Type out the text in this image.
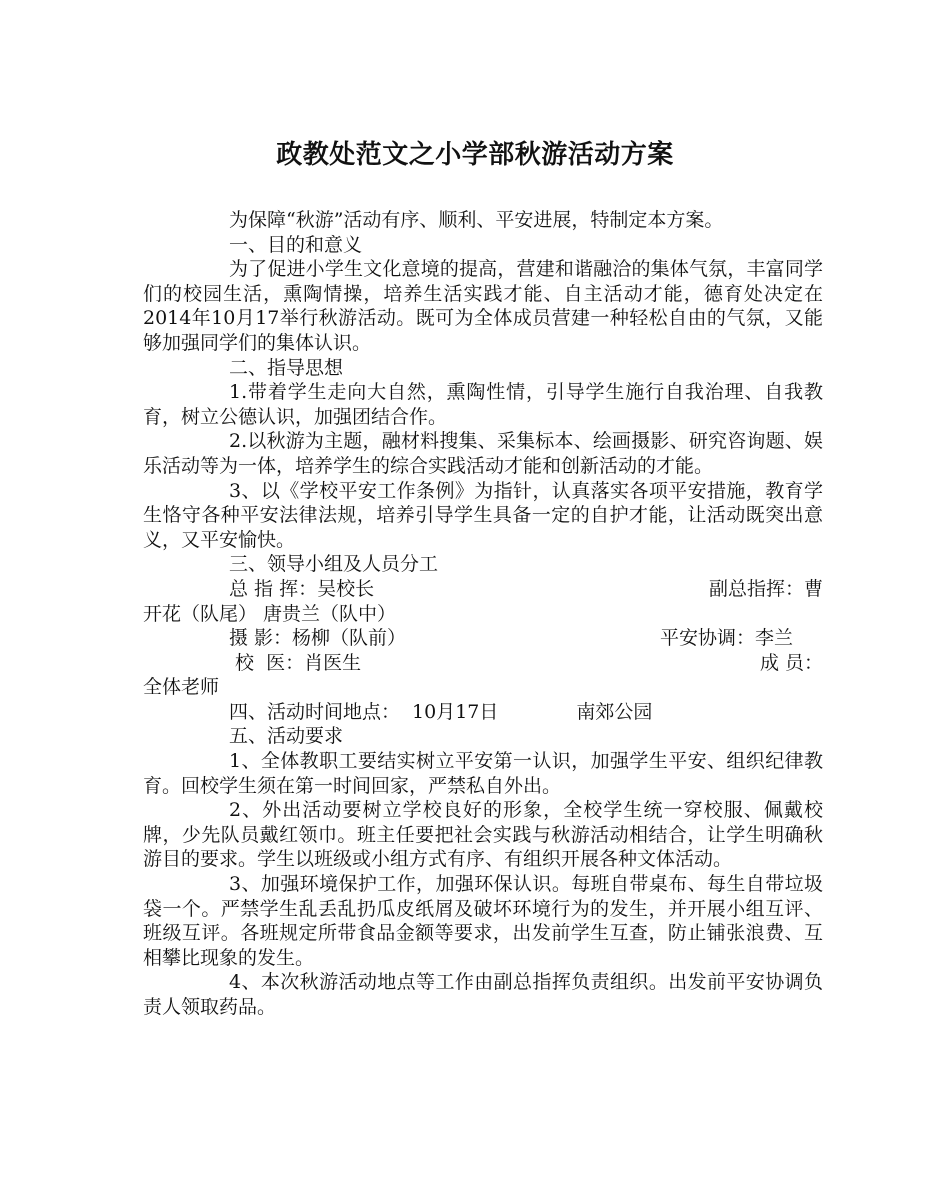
政教处范文之小学部秋游活动方案

为保障“秋游”活动有序、顺利、平安进展，特制定本方案。

一、目的和意义

为了促进小学生文化意境的提高，营建和谐融洽的集体气氛，丰富同学们的校园生活，熏陶情操，培养生活实践才能、自主活动才能，德育处决定在2014年10月17举行秋游活动。既可为全体成员营建一种轻松自由的气氛，又能够加强同学们的集体认识。

二、指导思想

1.带着学生走向大自然，熏陶性情，引导学生施行自我治理、自我教育，树立公德认识，加强团结合作。

2.以秋游为主题，融材料搜集、采集标本、绘画摄影、研究咨询题、娱乐活动等为一体，培养学生的综合实践活动才能和创新活动的才能。

3、以《学校平安工作条例》为指针，认真落实各项平安措施，教育学生恪守各种平安法律法规，培养引导学生具备一定的自护才能，让活动既突出意义，又平安愉快。

三、领导小组及人员分工

总 指 挥：吴校长	副总指挥：曹

开花（队尾） 唐贵兰（队中）

摄 影：杨柳（队前）	平安协调：李兰
校  医：肖医生	成 员：

全体老师

四、活动时间地点： 10月17日	南郊公园

五、活动要求

1、全体教职工要结实树立平安第一认识，加强学生平安、组织纪律教育。回校学生须在第一时间回家，严禁私自外出。

2、外出活动要树立学校良好的形象，全校学生统一穿校服、佩戴校牌，少先队员戴红领巾。班主任要把社会实践与秋游活动相结合，让学生明确秋游目的要求。学生以班级或小组方式有序、有组织开展各种文体活动。

3、加强环境保护工作，加强环保认识。每班自带桌布、每生自带垃圾袋一个。严禁学生乱丢乱扔瓜皮纸屑及破坏环境行为的发生，并开展小组互评、班级互评。各班规定所带食品金额等要求，出发前学生互查，防止铺张浪费、互相攀比现象的发生。

4、本次秋游活动地点等工作由副总指挥负责组织。出发前平安协调负责人领取药品。
